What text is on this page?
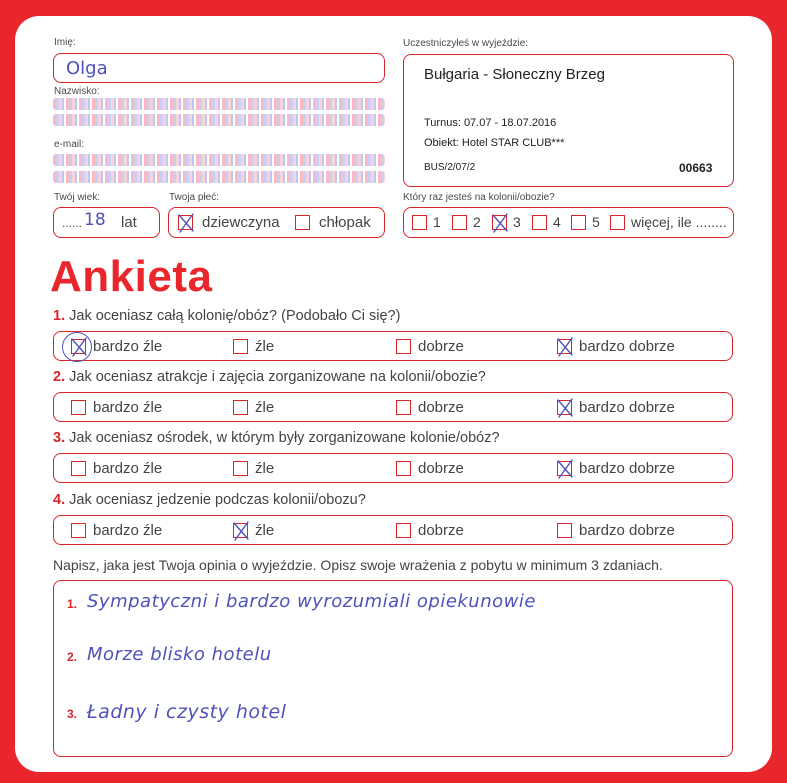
Imię:
Olga
Nazwisko:
e-mail:
Uczestniczyłeś w wyjeździe:
Bułgaria - Słoneczny Brzeg
Turnus: 07.07 - 18.07.2016
Obiekt: Hotel STAR CLUB***
BUS/2/07/2	00663
Twój wiek:
...... 18 lat
Twoja płeć:
dziewczyna	chłopak
Który raz jesteś na kolonii/obozie?
1 2 3 4 5 więcej, ile ........
Ankieta
1. Jak oceniasz całą kolonię/obóz? (Podobało Ci się?)
bardzo źle	źle	dobrze	bardzo dobrze
2. Jak oceniasz atrakcje i zajęcia zorganizowane na kolonii/obozie?
bardzo źle	źle	dobrze	bardzo dobrze
3. Jak oceniasz ośrodek, w którym były zorganizowane kolonie/obóz?
bardzo źle	źle	dobrze	bardzo dobrze
4. Jak oceniasz jedzenie podczas kolonii/obozu?
bardzo źle	źle	dobrze	bardzo dobrze
Napisz, jaka jest Twoja opinia o wyjeździe. Opisz swoje wrażenia z pobytu w minimum 3 zdaniach.
1. Sympatyczni i bardzo wyrozumiali opiekunowie
2. Morze blisko hotelu
3. Ładny i czysty hotel
